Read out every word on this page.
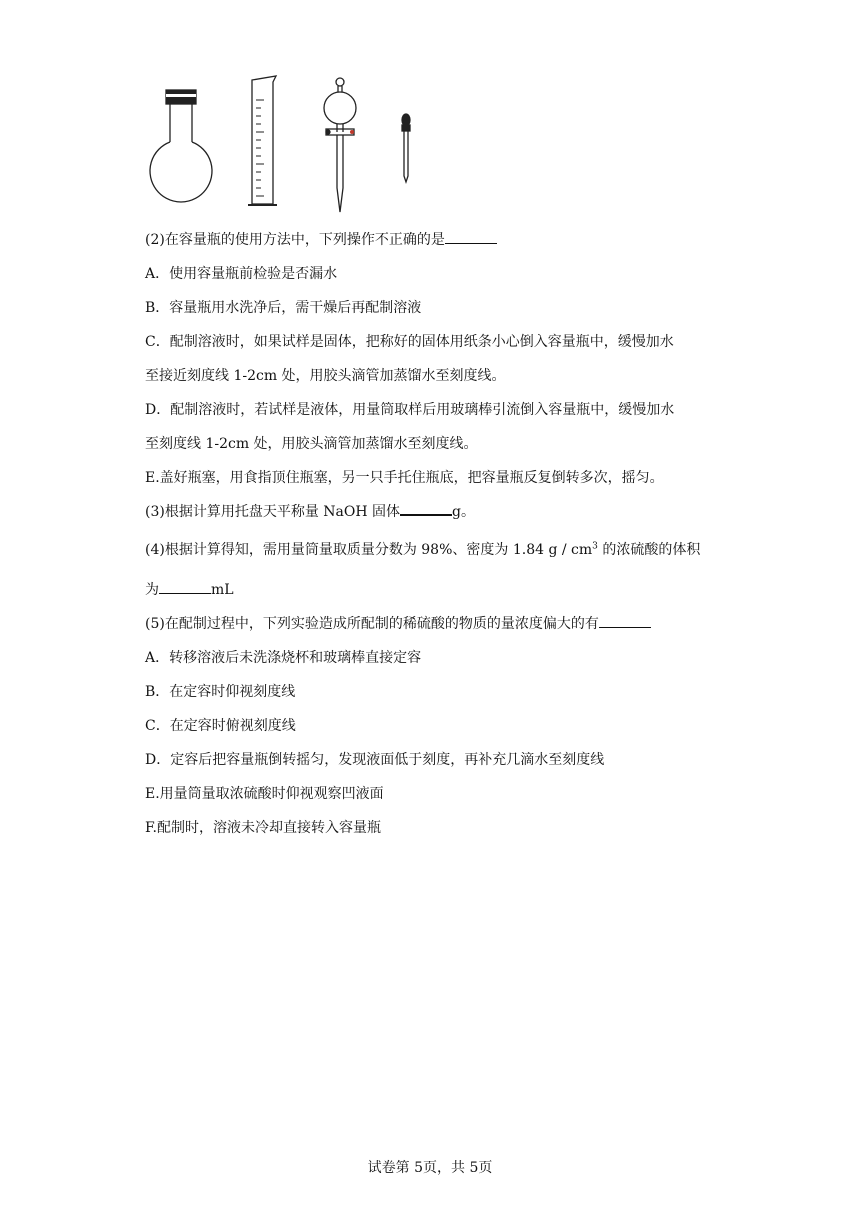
(2)在容量瓶的使用方法中，下列操作不正确的是
A．使用容量瓶前检验是否漏水
B．容量瓶用水洗净后，需干燥后再配制溶液
C．配制溶液时，如果试样是固体，把称好的固体用纸条小心倒入容量瓶中，缓慢加水
至接近刻度线 1-2cm 处，用胶头滴管加蒸馏水至刻度线。
D．配制溶液时，若试样是液体，用量筒取样后用玻璃棒引流倒入容量瓶中，缓慢加水
至刻度线 1-2cm 处，用胶头滴管加蒸馏水至刻度线。
E.盖好瓶塞，用食指顶住瓶塞，另一只手托住瓶底，把容量瓶反复倒转多次，摇匀。
(3)根据计算用托盘天平称量 NaOH 固体	g。
(4)根据计算得知，需用量筒量取质量分数为 98%、密度为 1.84 g / $cm^3$ 的浓硫酸的体积
为	mL
(5)在配制过程中，下列实验造成所配制的稀硫酸的物质的量浓度偏大的有
A．转移溶液后未洗涤烧杯和玻璃棒直接定容
B．在定容时仰视刻度线
C．在定容时俯视刻度线
D．定容后把容量瓶倒转摇匀，发现液面低于刻度，再补充几滴水至刻度线
E.用量筒量取浓硫酸时仰视观察凹液面
F.配制时，溶液未冷却直接转入容量瓶
试卷第 5页，共 5页
